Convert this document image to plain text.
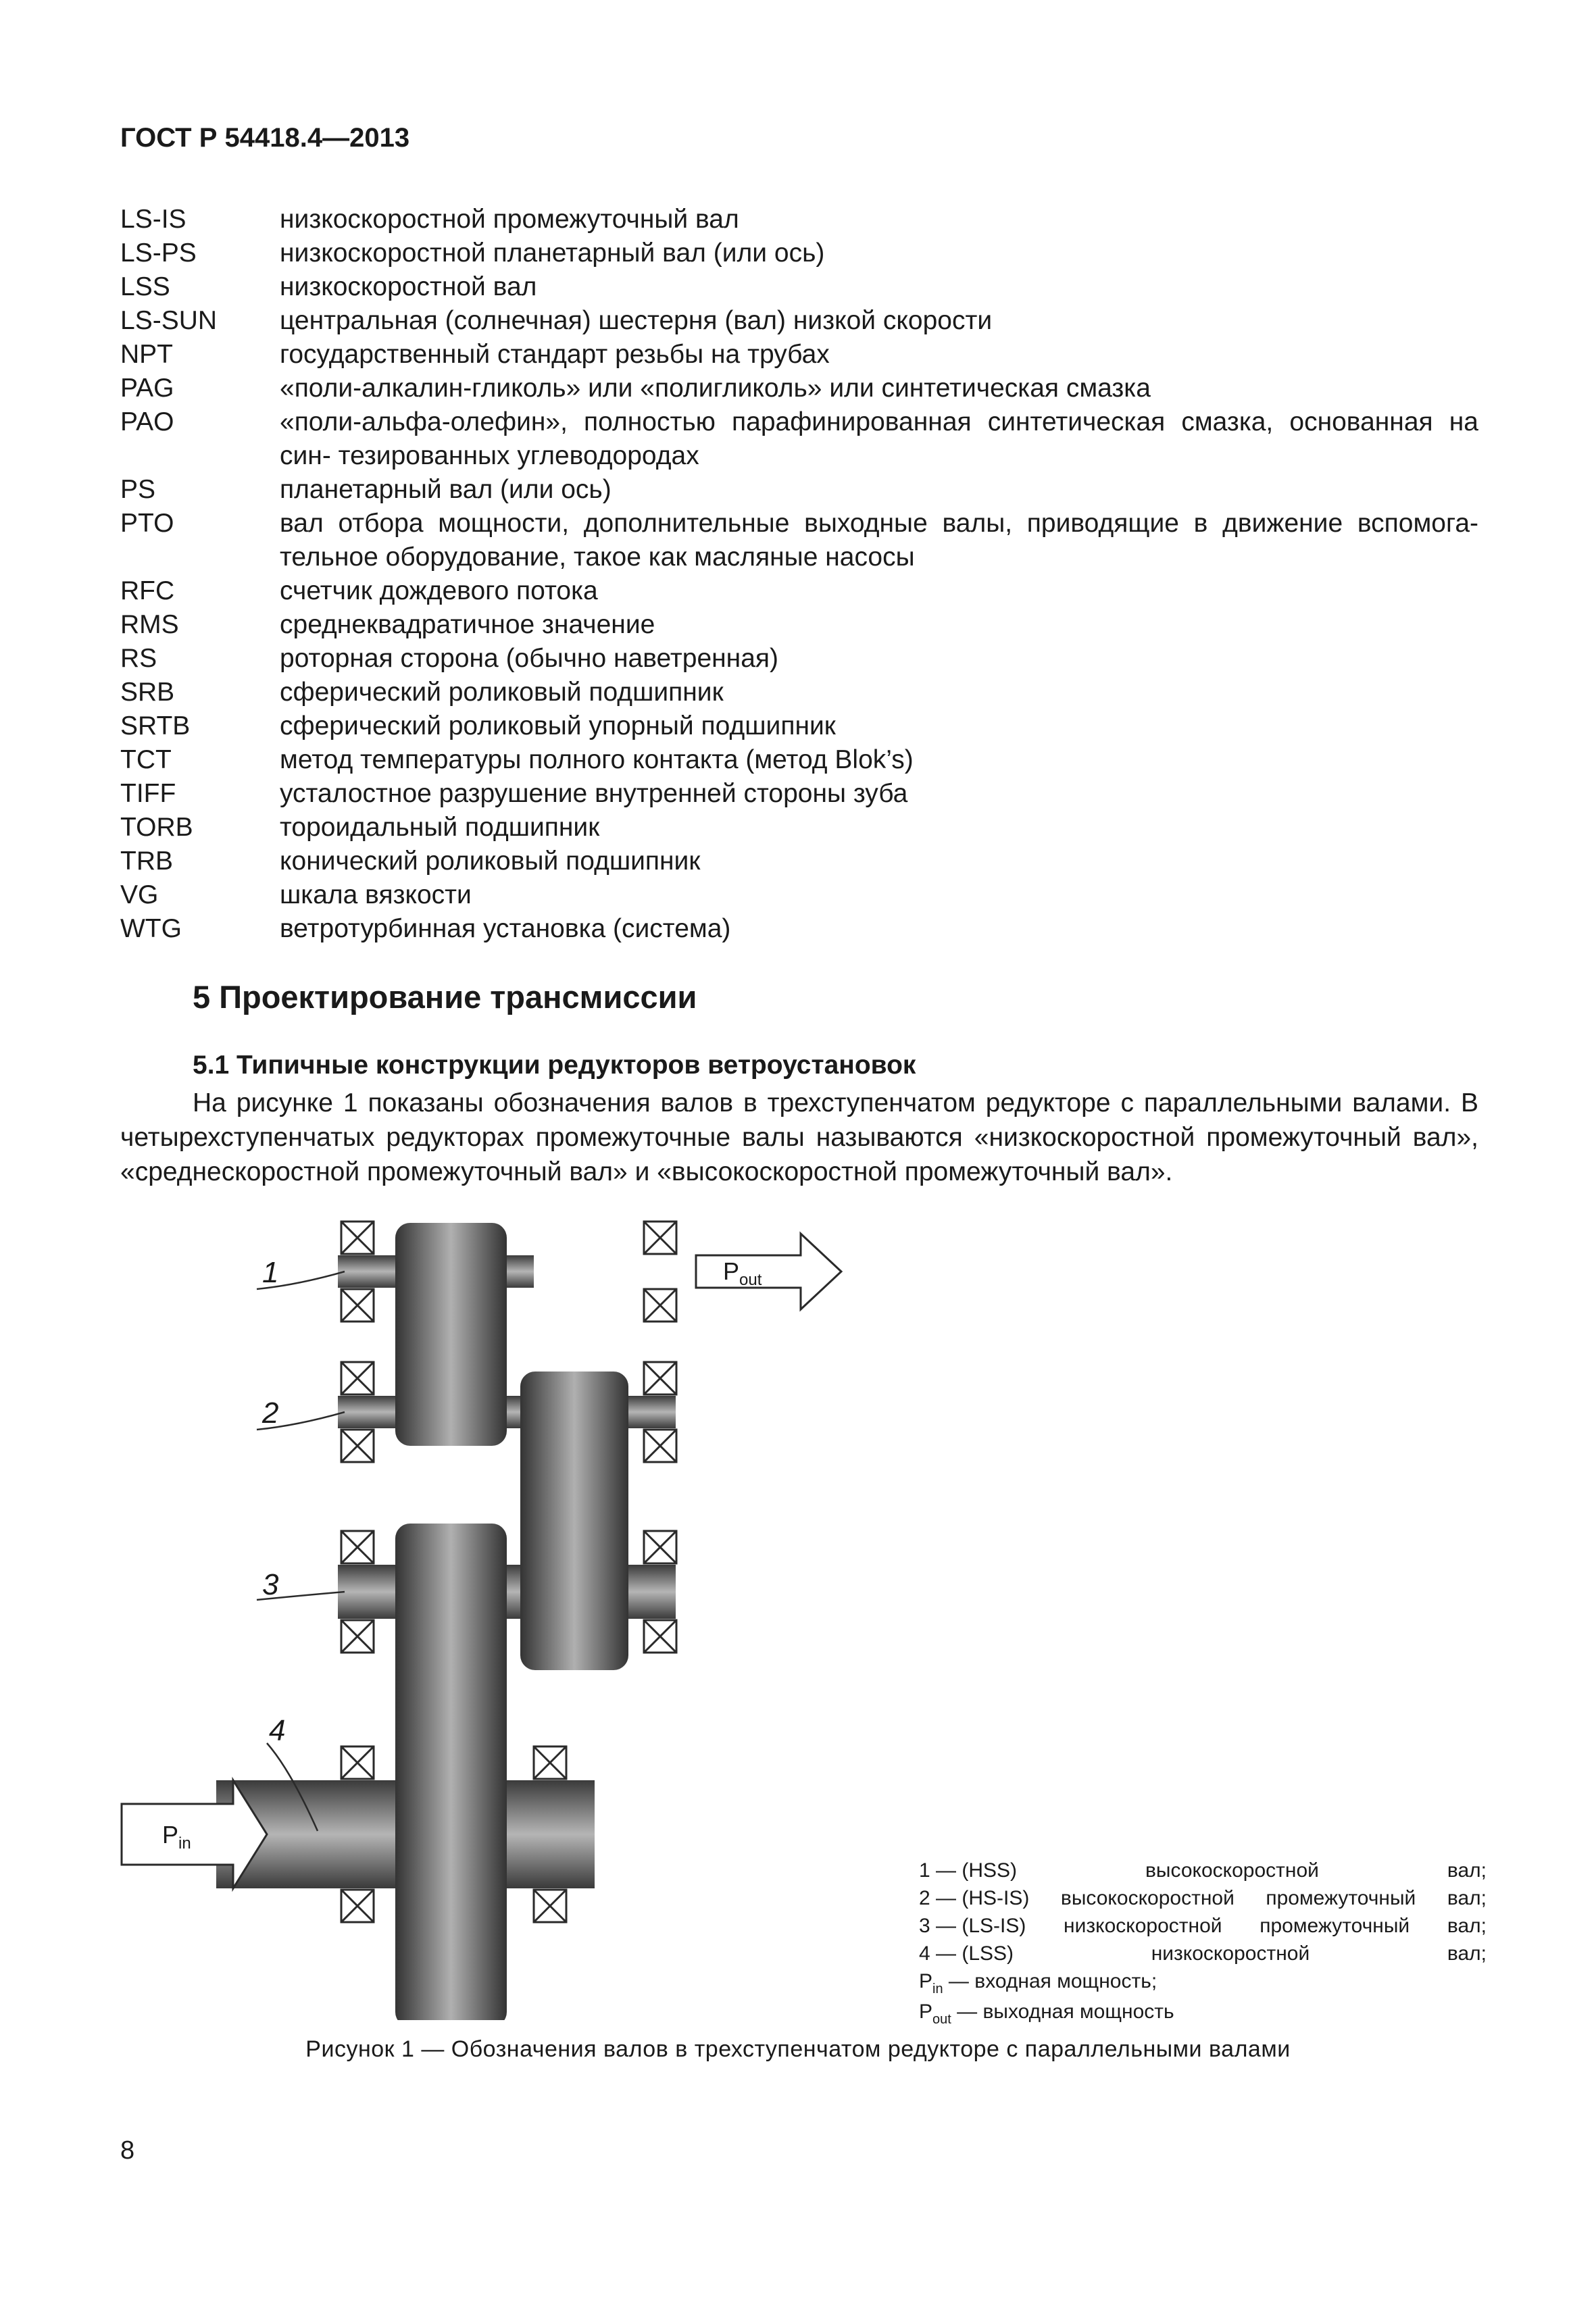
ГОСТ Р 54418.4—2013
LS-IS	низкоскоростной промежуточный вал
LS-PS	низкоскоростной планетарный вал (или ось)
LSS	низкоскоростной вал
LS-SUN	центральная (солнечная) шестерня (вал) низкой скорости
NPT	государственный стандарт резьбы на трубах
PAG	«поли-алкалин-гликоль» или «полигликоль» или синтетическая смазка
PAO	«поли-альфа-олефин», полностью парафинированная синтетическая смазка, основанная на син- тезированных углеводородах
PS	планетарный вал (или ось)
PTO	вал отбора мощности, дополнительные выходные валы, приводящие в движение вспомога- тельное оборудование, такое как масляные насосы
RFC	счетчик дождевого потока
RMS	среднеквадратичное значение
RS	роторная сторона (обычно наветренная)
SRB	сферический роликовый подшипник
SRTB	сферический роликовый упорный подшипник
TCT	метод температуры полного контакта (метод Blok’s)
TIFF	усталостное разрушение внутренней стороны зуба
TORB	тороидальный подшипник
TRB	конический роликовый подшипник
VG	шкала вязкости
WTG	ветротурбинная установка (система)
5 Проектирование трансмиссии
5.1 Типичные конструкции редукторов ветроустановок
На рисунке 1 показаны обозначения валов в трехступенчатом редукторе с параллельными валами. В четырехступенчатых редукторах промежуточные валы называются «низкоскоростной промежуточный вал», «среднескоростной промежуточный вал» и «высокоскоростной промежуточный вал».
1
2
3
4
$P_{out}$
$P_{in}$
1 — (HSS) высокоскоростной вал;
2 — (HS-IS) высокоскоростной промежуточный вал;
3 — (LS-IS) низкоскоростной промежуточный вал;
4 — (LSS) низкоскоростной вал;
$P_{in}$ — входная мощность;
$P_{out}$ — выходная мощность
Рисунок 1 — Обозначения валов в трехступенчатом редукторе с параллельными валами
8
